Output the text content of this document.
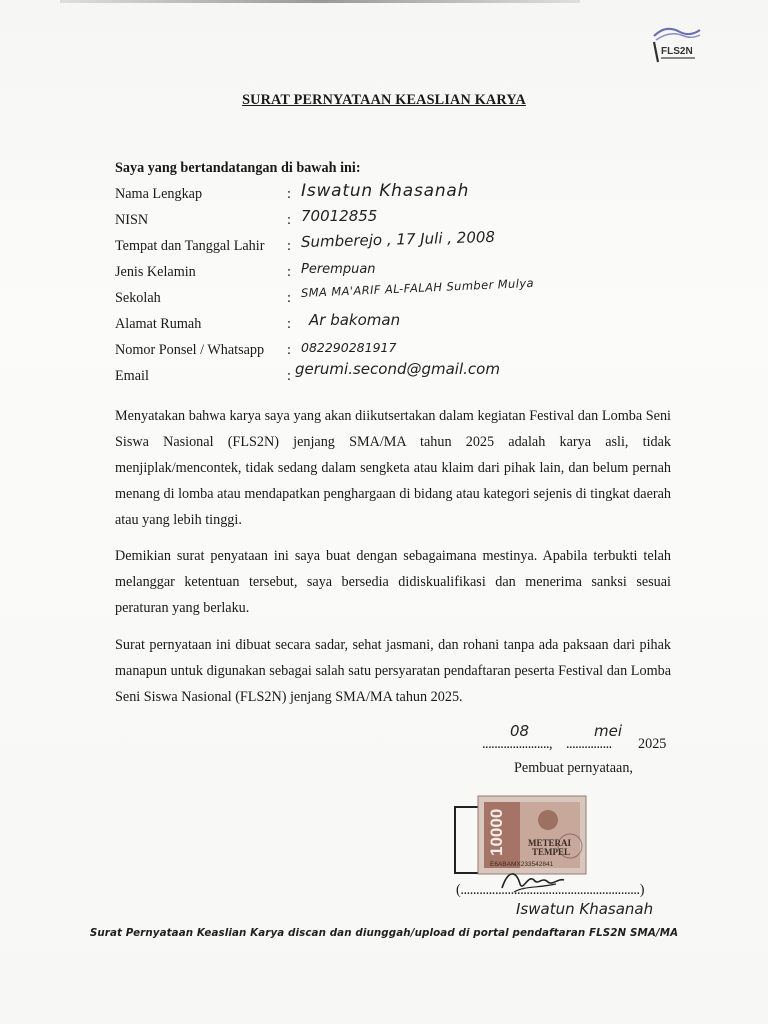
FLS2N
SURAT PERNYATAAN KEASLIAN KARYA
Saya yang bertandatangan di bawah ini:
Nama Lengkap	: Iswatun Khasanah
NISN	: 70012855
Tempat dan Tanggal Lahir : Sumberejo , 17 Juli , 2008
Jenis Kelamin	: Perempuan
Sekolah	: SMA MA'ARIF AL-FALAH Sumber Mulya
Alamat Rumah	: Ar bakoman
Nomor Ponsel / Whatsapp : 082290281917
Email	: gerumi.second@gmail.com
Menyatakan bahwa karya saya yang akan diikutsertakan dalam kegiatan Festival dan Lomba Seni Siswa Nasional (FLS2N) jenjang SMA/MA tahun 2025 adalah karya asli, tidak menjiplak/mencontek, tidak sedang dalam sengketa atau klaim dari pihak lain, dan belum pernah menang di lomba atau mendapatkan penghargaan di bidang atau kategori sejenis di tingkat daerah atau yang lebih tinggi.
Demikian surat penyataan ini saya buat dengan sebagaimana mestinya. Apabila terbukti telah melanggar ketentuan tersebut, saya bersedia didiskualifikasi dan menerima sanksi sesuai peraturan yang berlaku.
Surat pernyataan ini dibuat secara sadar, sehat jasmani, dan rohani tanpa ada paksaan dari pihak manapun untuk digunakan sebagai salah satu persyaratan pendaftaran peserta Festival dan Lomba Seni Siswa Nasional (FLS2N) jenjang SMA/MA tahun 2025.
......................,
08
...............
mei
2025
Pembuat pernyataan,
10000 METERAI
TEMPEL
E6ABAMX233542841
(.........................................................)
Iswatun Khasanah
Surat Pernyataan Keaslian Karya discan dan diunggah/upload di portal pendaftaran FLS2N SMA/MA
